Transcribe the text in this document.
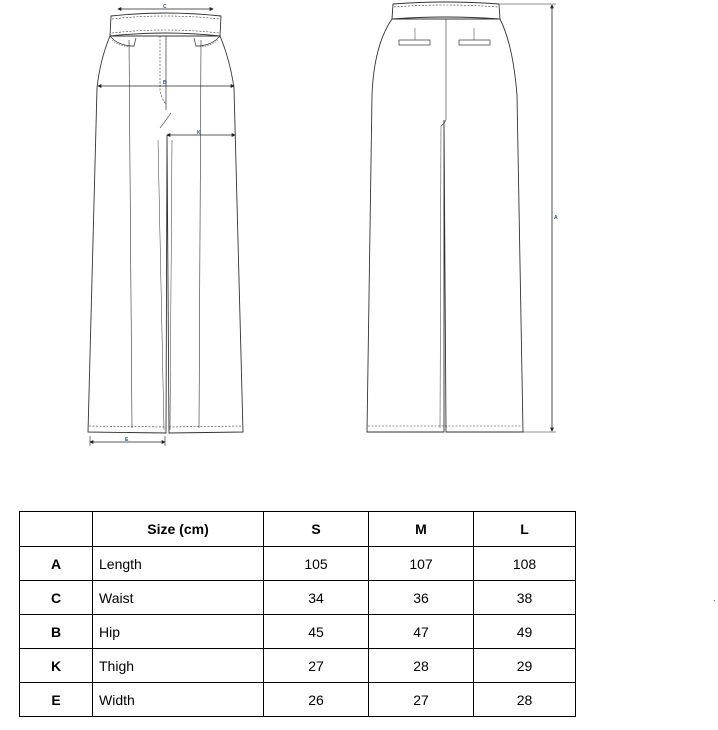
C
B
K
E
A
	Size (cm)	S	M	L
A	Length	105	107	108
C	Waist	34	36	38
B	Hip	45	47	49
K	Thigh	27	28	29
E	Width	26	27	28
